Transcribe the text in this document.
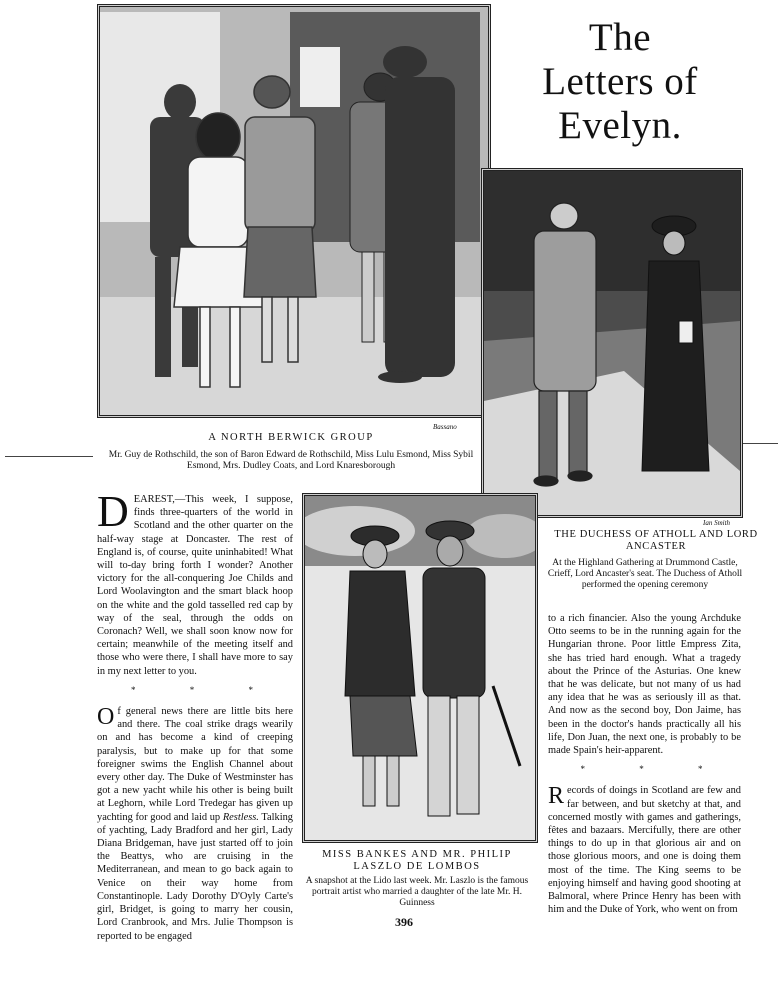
The
Letters of
Evelyn.
Bassano
A NORTH BERWICK GROUP
Mr. Guy de Rothschild, the son of Baron Edward de Rothschild, Miss Lulu Esmond, Miss Sybil Esmond, Mrs. Dudley Coats, and Lord Knaresborough
Ian Smith
THE DUCHESS OF ATHOLL AND LORD ANCASTER
At the Highland Gathering at Drummond Castle, Crieff, Lord Ancaster's seat. The Duchess of Atholl performed the opening ceremony
MISS BANKES AND MR. PHILIP LASZLO DE LOMBOS
A snapshot at the Lido last week. Mr. Laszlo is the famous portrait artist who married a daughter of the late Mr. H. Guinness

DEAREST,—This week, I suppose, finds three-quarters of the world in Scotland and the other quarter on the half-way stage at Doncaster. The rest of England is, of course, quite uninhabited! What will to-day bring forth I wonder? Another victory for the all-conquering Joe Childs and Lord Woolavington and the smart black hoop on the white and the gold tasselled red cap by way of the seal, through the odds on Coronach? Well, we shall soon know now for certain; meanwhile of the meeting itself and those who were there, I shall have more to say in my next letter to you.

* * *

Of general news there are little bits here and there. The coal strike drags wearily on and has become a kind of creeping paralysis, but to make up for that some foreigner swims the English Channel about every other day. The Duke of Westminster has got a new yacht while his other is being built at Leghorn, while Lord Tredegar has given up yachting for good and laid up Restless. Talking of yachting, Lady Bradford and her girl, Lady Diana Bridgeman, have just started off to join the Beattys, who are cruising in the Mediterranean, and mean to go back again to Venice on their way home from Constantinople. Lady Dorothy D'Oyly Carte's girl, Bridget, is going to marry her cousin, Lord Cranbrook, and Mrs. Julie Thompson is reported to be engaged

to a rich financier. Also the young Archduke Otto seems to be in the running again for the Hungarian throne. Poor little Empress Zita, she has tried hard enough. What a tragedy about the Prince of the Asturias. One knew that he was delicate, but not many of us had any idea that he was as seriously ill as that. And now as the second boy, Don Jaime, has been in the doctor's hands practically all his life, Don Juan, the next one, is probably to be made Spain's heir-apparent.

* * *

Records of doings in Scotland are few and far between, and but sketchy at that, and concerned mostly with games and gatherings, fêtes and bazaars. Mercifully, there are other things to do up in that glorious air and on those glorious moors, and one is doing them most of the time. The King seems to be enjoying himself and having good shooting at Balmoral, where Prince Henry has been with him and the Duke of York, who went on from

396
